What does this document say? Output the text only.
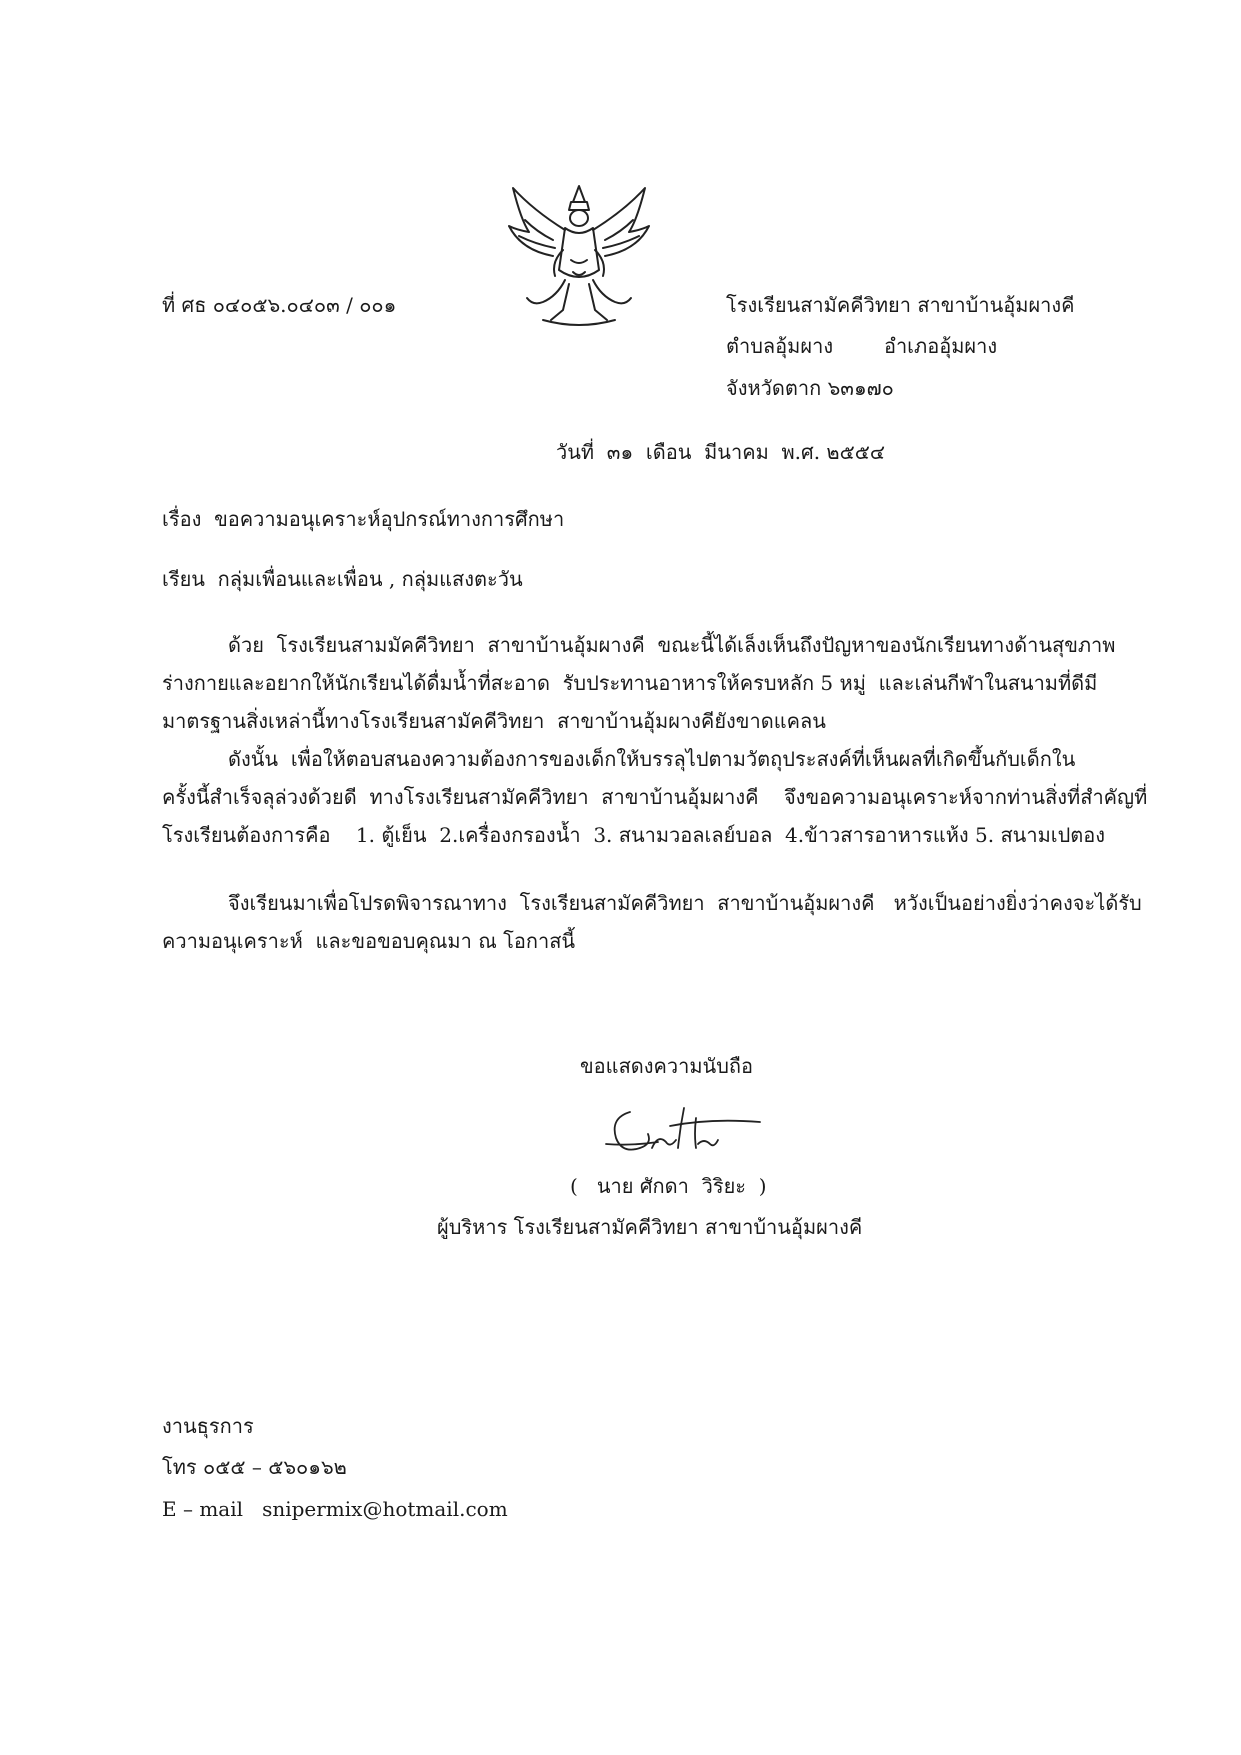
ที่ ศธ ๐๔๐๕๖.๐๔๐๓ / ๐๐๑	โรงเรียนสามัคคีวิทยา สาขาบ้านอุ้มผางคี
ตำบลอุ้มผาง        อำเภออุ้มผาง
จังหวัดตาก ๖๓๑๗๐
วันที่  ๓๑  เดือน  มีนาคม  พ.ศ. ๒๕๕๔
เรื่อง  ขอความอนุเคราะห์อุปกรณ์ทางการศึกษา
เรียน  กลุ่มเพื่อนและเพื่อน , กลุ่มแสงตะวัน
ด้วย  โรงเรียนสามมัคคีวิทยา  สาขาบ้านอุ้มผางคี  ขณะนี้ได้เล็งเห็นถึงปัญหาของนักเรียนทางด้านสุขภาพ
ร่างกายและอยากให้นักเรียนได้ดื่มน้ำที่สะอาด  รับประทานอาหารให้ครบหลัก 5 หมู่  และเล่นกีฬาในสนามที่ดีมี
มาตรฐานสิ่งเหล่านี้ทางโรงเรียนสามัคคีวิทยา  สาขาบ้านอุ้มผางคียังขาดแคลน
ดังนั้น  เพื่อให้ตอบสนองความต้องการของเด็กให้บรรลุไปตามวัตถุประสงค์ที่เห็นผลที่เกิดขึ้นกับเด็กใน
ครั้งนี้สำเร็จลุล่วงด้วยดี  ทางโรงเรียนสามัคคีวิทยา  สาขาบ้านอุ้มผางคี    จึงขอความอนุเคราะห์จากท่านสิ่งที่สำคัญที่
โรงเรียนต้องการคือ    1. ตู้เย็น  2.เครื่องกรองน้ำ  3. สนามวอลเลย์บอล  4.ข้าวสารอาหารแห้ง 5. สนามเปตอง
จึงเรียนมาเพื่อโปรดพิจารณาทาง  โรงเรียนสามัคคีวิทยา  สาขาบ้านอุ้มผางคี   หวังเป็นอย่างยิ่งว่าคงจะได้รับ
ความอนุเคราะห์  และขอขอบคุณมา ณ โอกาสนี้
ขอแสดงความนับถือ
(   นาย ศักดา  วิริยะ  )
ผู้บริหาร โรงเรียนสามัคคีวิทยา สาขาบ้านอุ้มผางคี
งานธุรการ
โทร ๐๕๕ – ๕๖๐๑๖๒
E – mail   snipermix@hotmail.com
